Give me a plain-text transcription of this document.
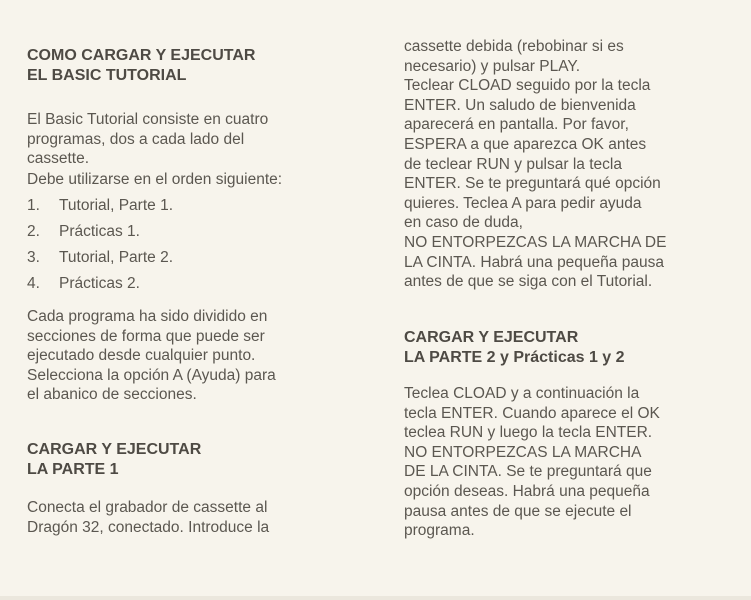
COMO CARGAR Y EJECUTAR
EL BASIC TUTORIAL
El Basic Tutorial consiste en cuatro
programas, dos a cada lado del
cassette.
Debe utilizarse en el orden siguiente:
1. Tutorial, Parte 1.
2. Prácticas 1.
3. Tutorial, Parte 2.
4. Prácticas 2.
Cada programa ha sido dividido en
secciones de forma que puede ser
ejecutado desde cualquier punto.
Selecciona la opción A (Ayuda) para
el abanico de secciones.
CARGAR Y EJECUTAR
LA PARTE 1
Conecta el grabador de cassette al
Dragón 32, conectado. Introduce la
cassette debida (rebobinar si es
necesario) y pulsar PLAY.
Teclear CLOAD seguido por la tecla
ENTER. Un saludo de bienvenida
aparecerá en pantalla. Por favor,
ESPERA a que aparezca OK antes
de teclear RUN y pulsar la tecla
ENTER. Se te preguntará qué opción
quieres. Teclea A para pedir ayuda
en caso de duda,
NO ENTORPEZCAS LA MARCHA DE
LA CINTA. Habrá una pequeña pausa
antes de que se siga con el Tutorial.
CARGAR Y EJECUTAR
LA PARTE 2 y Prácticas 1 y 2
Teclea CLOAD y a continuación la
tecla ENTER. Cuando aparece el OK
teclea RUN y luego la tecla ENTER.
NO ENTORPEZCAS LA MARCHA
DE LA CINTA. Se te preguntará que
opción deseas. Habrá una pequeña
pausa antes de que se ejecute el
programa.
